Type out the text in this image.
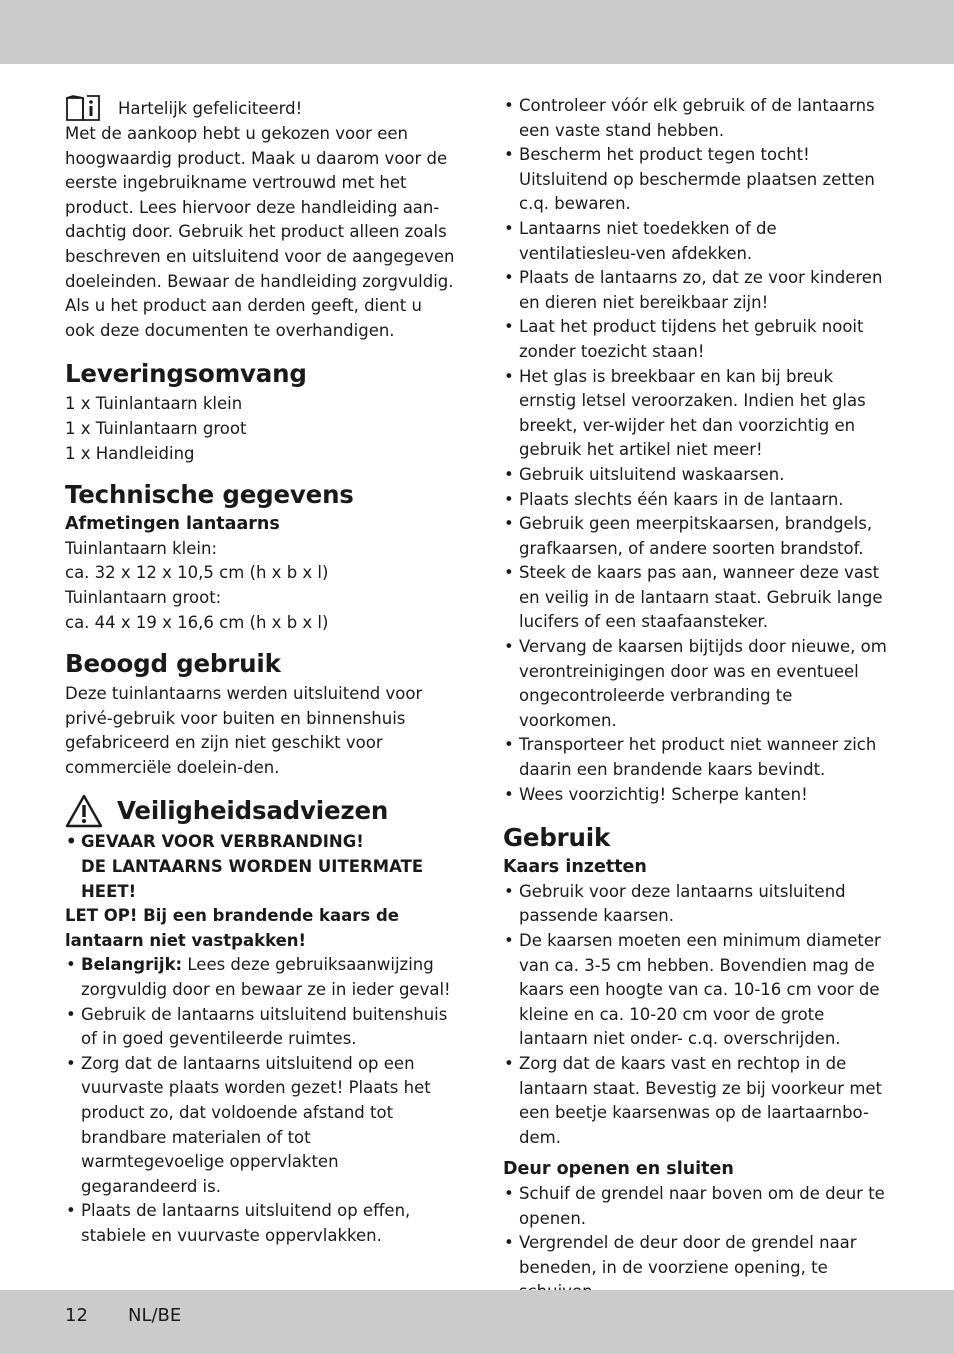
Hartelijk gefeliciteerd!

Met de aankoop hebt u gekozen voor een hoogwaardig product. Maak u daarom voor de eerste ingebruikname vertrouwd met het product. Lees hiervoor deze handleiding aan-dachtig door. Gebruik het product alleen zoals beschreven en uitsluitend voor de aangegeven doeleinden. Bewaar de handleiding zorgvuldig. Als u het product aan derden geeft, dient u ook deze documenten te overhandigen.

Leveringsomvang

1 x Tuinlantaarn klein

1 x Tuinlantaarn groot

1 x Handleiding

Technische gegevens
Afmetingen lantaarns

Tuinlantaarn klein:

ca. 32 x 12 x 10,5 cm (h x b x l)

Tuinlantaarn groot:

ca. 44 x 19 x 16,6 cm (h x b x l)

Beoogd gebruik

Deze tuinlantaarns werden uitsluitend voor privé-gebruik voor buiten en binnenshuis gefabriceerd en zijn niet geschikt voor commerciële doelein-den.

Veiligheidsadviezen
• GEVAAR VOOR VERBRANDING!
DE LANTAARNS WORDEN UITERMATE HEET!

LET OP! Bij een brandende kaars de lantaarn niet vastpakken!

• Belangrijk: Lees deze gebruiksaanwijzing zorgvuldig door en bewaar ze in ieder geval!
• Gebruik de lantaarns uitsluitend buitenshuis of in goed geventileerde ruimtes.
• Zorg dat de lantaarns uitsluitend op een vuurvaste plaats worden gezet! Plaats het product zo, dat voldoende afstand tot brandbare materialen of tot warmtegevoelige oppervlakten gegarandeerd is.
• Plaats de lantaarns uitsluitend op effen, stabiele en vuurvaste oppervlakken.
• Controleer vóór elk gebruik of de lantaarns een vaste stand hebben.
• Bescherm het product tegen tocht! Uitsluitend op beschermde plaatsen zetten c.q. bewaren.
• Lantaarns niet toedekken of de ventilatiesleu-ven afdekken.
• Plaats de lantaarns zo, dat ze voor kinderen en dieren niet bereikbaar zijn!
• Laat het product tijdens het gebruik nooit zonder toezicht staan!
• Het glas is breekbaar en kan bij breuk ernstig letsel veroorzaken. Indien het glas breekt, ver-wijder het dan voorzichtig en gebruik het artikel niet meer!
• Gebruik uitsluitend waskaarsen.
• Plaats slechts één kaars in de lantaarn.
• Gebruik geen meerpitskaarsen, brandgels, grafkaarsen, of andere soorten brandstof.
• Steek de kaars pas aan, wanneer deze vast en veilig in de lantaarn staat. Gebruik lange lucifers of een staafaansteker.
• Vervang de kaarsen bijtijds door nieuwe, om verontreinigingen door was en eventueel ongecontroleerde verbranding te voorkomen.
• Transporteer het product niet wanneer zich daarin een brandende kaars bevindt.
• Wees voorzichtig! Scherpe kanten!
Gebruik
Kaars inzetten
• Gebruik voor deze lantaarns uitsluitend passende kaarsen.
• De kaarsen moeten een minimum diameter van ca. 3-5 cm hebben. Bovendien mag de kaars een hoogte van ca. 10-16 cm voor de kleine en ca. 10-20 cm voor de grote lantaarn niet onder- c.q. overschrijden.
• Zorg dat de kaars vast en rechtop in de lantaarn staat. Bevestig ze bij voorkeur met een beetje kaarsenwas op de laartaarnbo-dem.
Deur openen en sluiten
• Schuif de grendel naar boven om de deur te openen.
• Vergrendel de deur door de grendel naar beneden, in de voorziene opening, te
12 NL/BE
